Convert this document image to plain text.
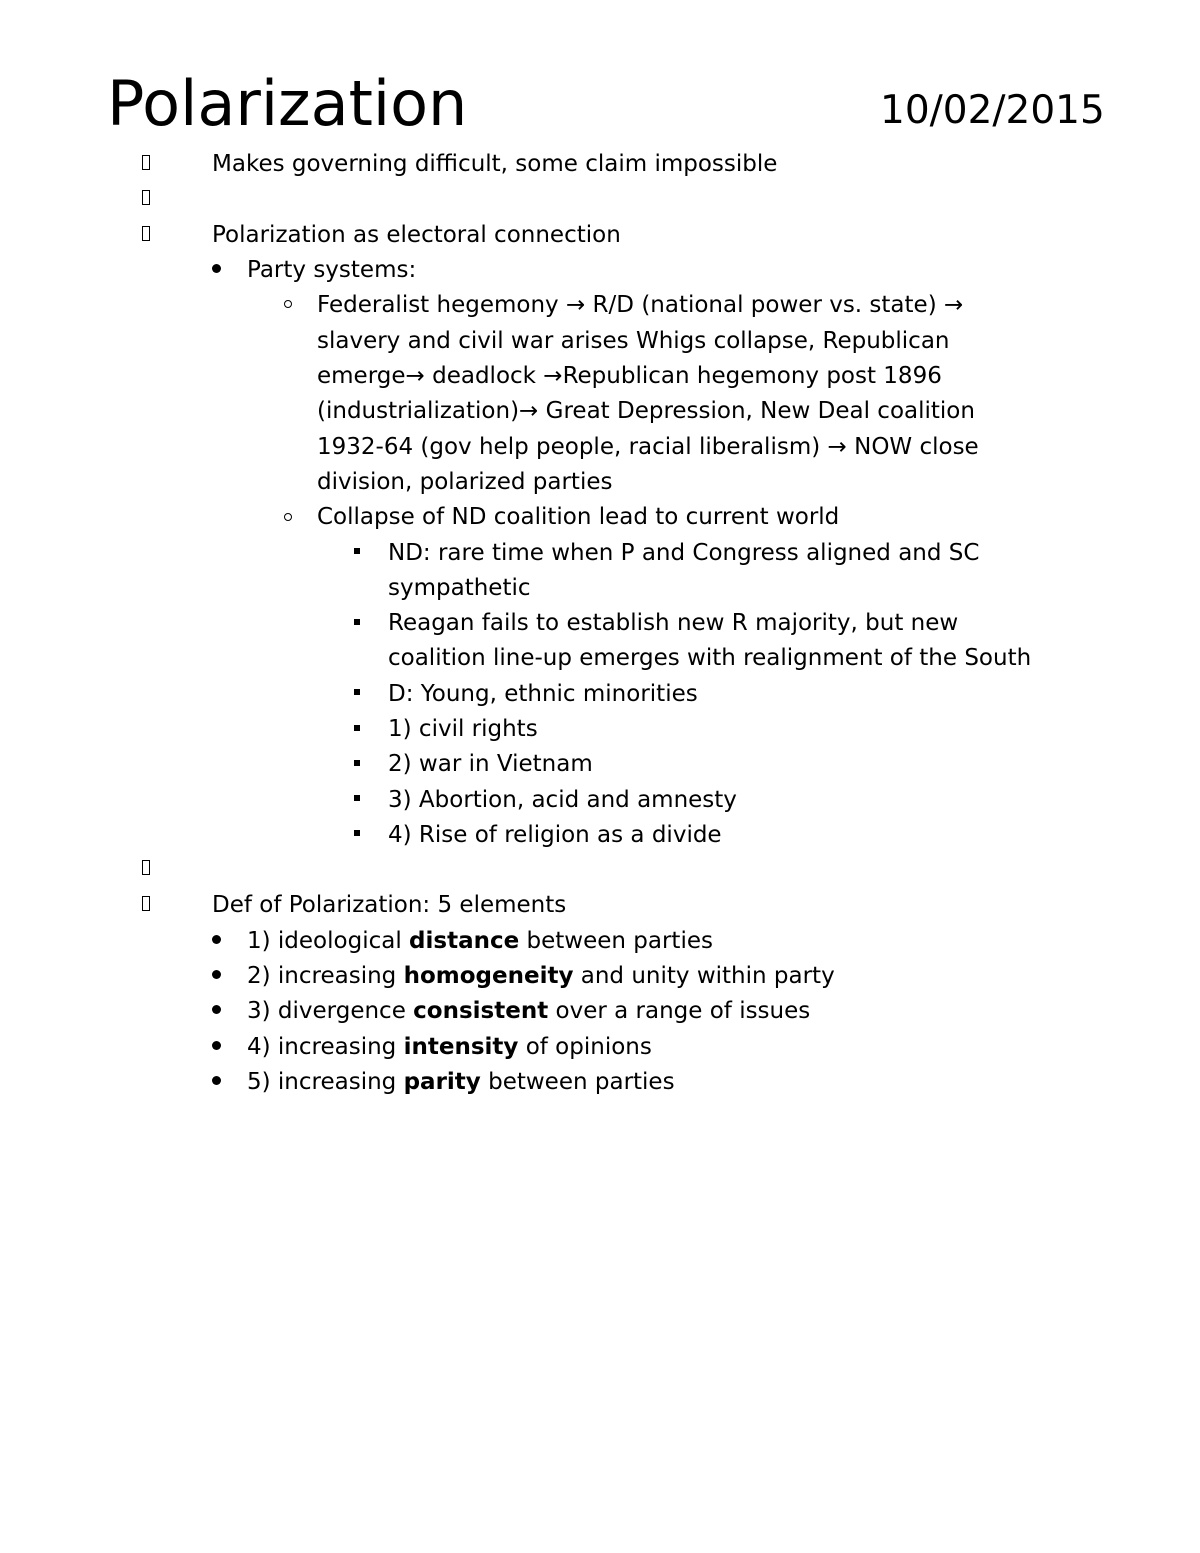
Polarization	10/02/2015
Makes governing difficult, some claim impossible
Polarization as electoral connection
Party systems:
Federalist hegemony → R/D (national power vs. state) →
slavery and civil war arises Whigs collapse, Republican
emerge→ deadlock →Republican hegemony post 1896
(industrialization)→ Great Depression, New Deal coalition
1932-64 (gov help people, racial liberalism) → NOW close
division, polarized parties
Collapse of ND coalition lead to current world
ND: rare time when P and Congress aligned and SC
sympathetic
Reagan fails to establish new R majority, but new
coalition line-up emerges with realignment of the South
D: Young, ethnic minorities
1) civil rights
2) war in Vietnam
3) Abortion, acid and amnesty
4) Rise of religion as a divide
Def of Polarization: 5 elements
1) ideological distance between parties
2) increasing homogeneity and unity within party
3) divergence consistent over a range of issues
4) increasing intensity of opinions
5) increasing parity between parties
